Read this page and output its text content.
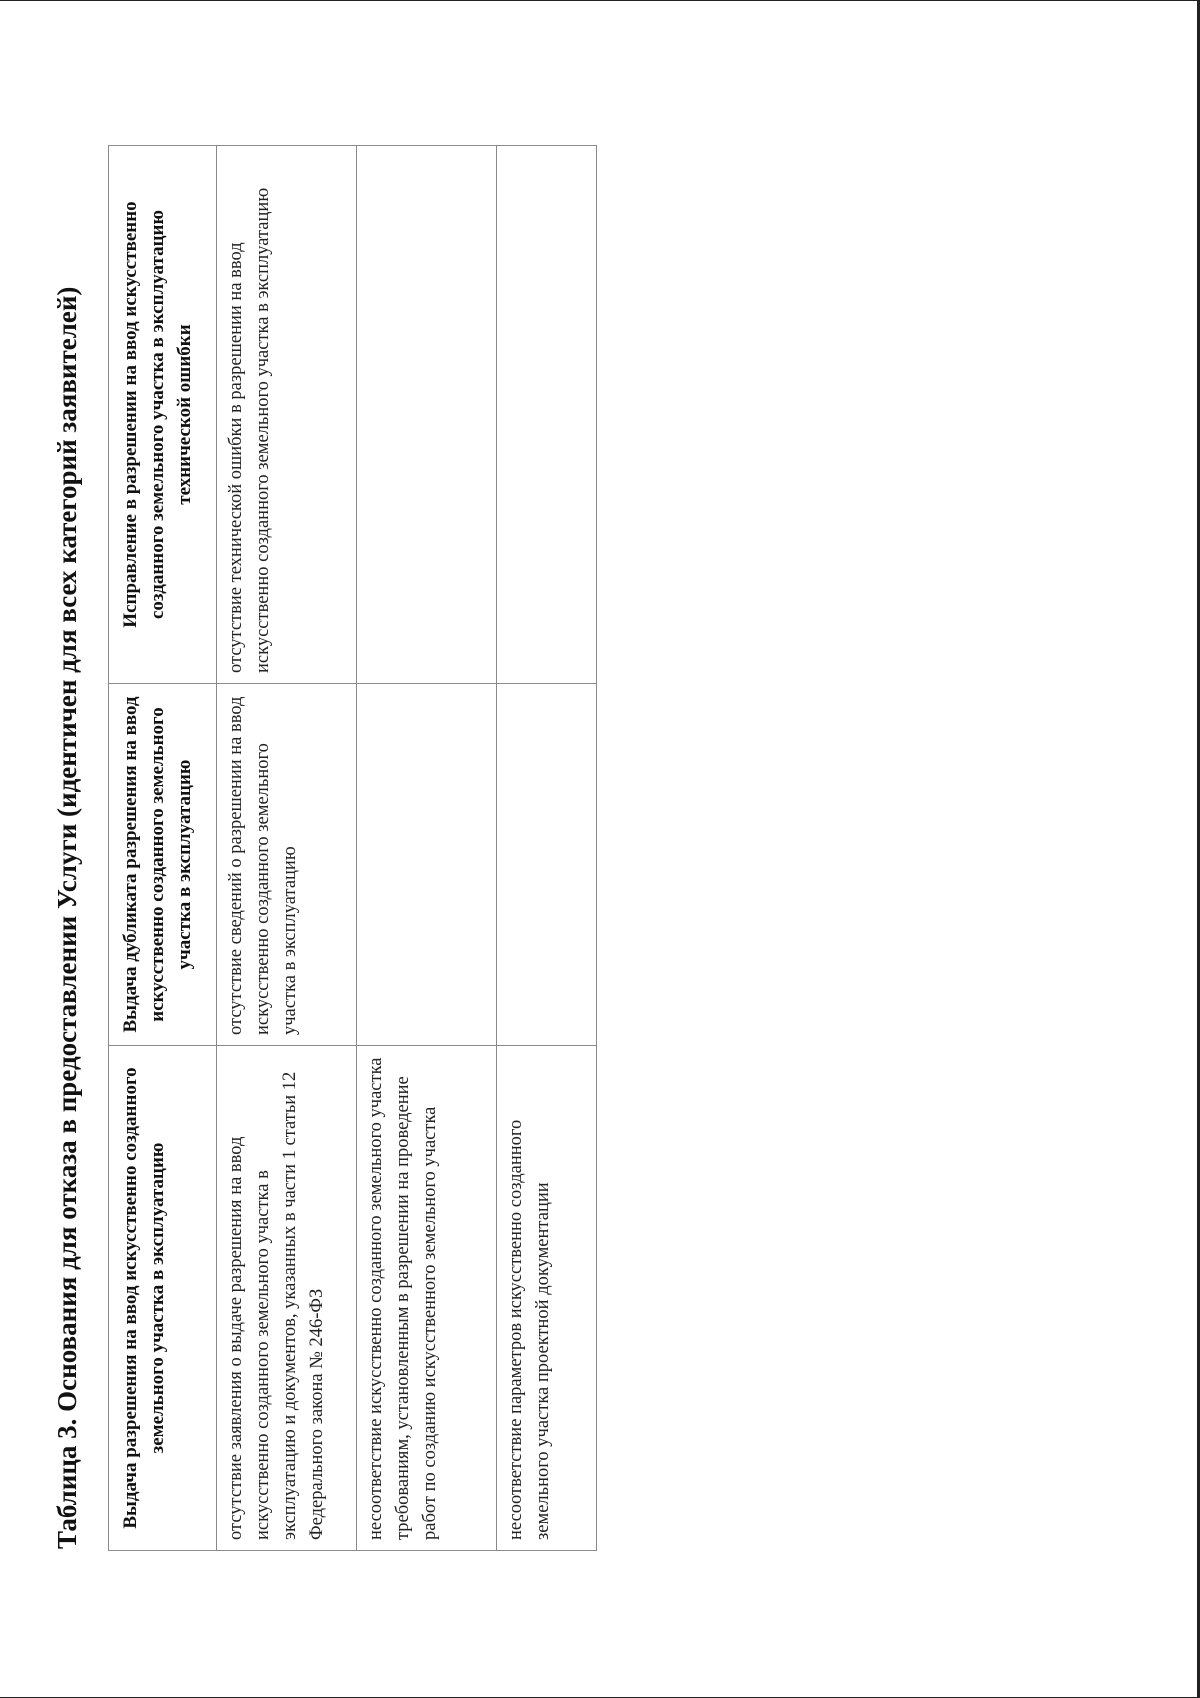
Таблица 3. Основания для отказа в предоставлении Услуги (идентичен для всех категорий заявителей) Выдача разрешения на ввод искусственно созданного земельного участка в эксплуатацию	Выдача дубликата разрешения на ввод искусственно созданного земельного участка в эксплуатацию	Исправление в разрешении на ввод искусственно созданного земельного участка в эксплуатацию технической ошибки
отсутствие заявления о выдаче разрешения на ввод искусственно созданного земельного участка в эксплуатацию и документов, указанных в части 1 статьи 12 Федерального закона № 246-ФЗ	отсутствие сведений о разрешении на ввод искусственно созданного земельного участка в эксплуатацию	отсутствие технической ошибки в разрешении на ввод искусственно созданного земельного участка в эксплуатацию
несоответствие искусственно созданного земельного участка требованиям, установленным в разрешении на проведение работ по созданию искусственного земельного участка		
несоответствие параметров искусственно созданного земельного участка проектной документации		
